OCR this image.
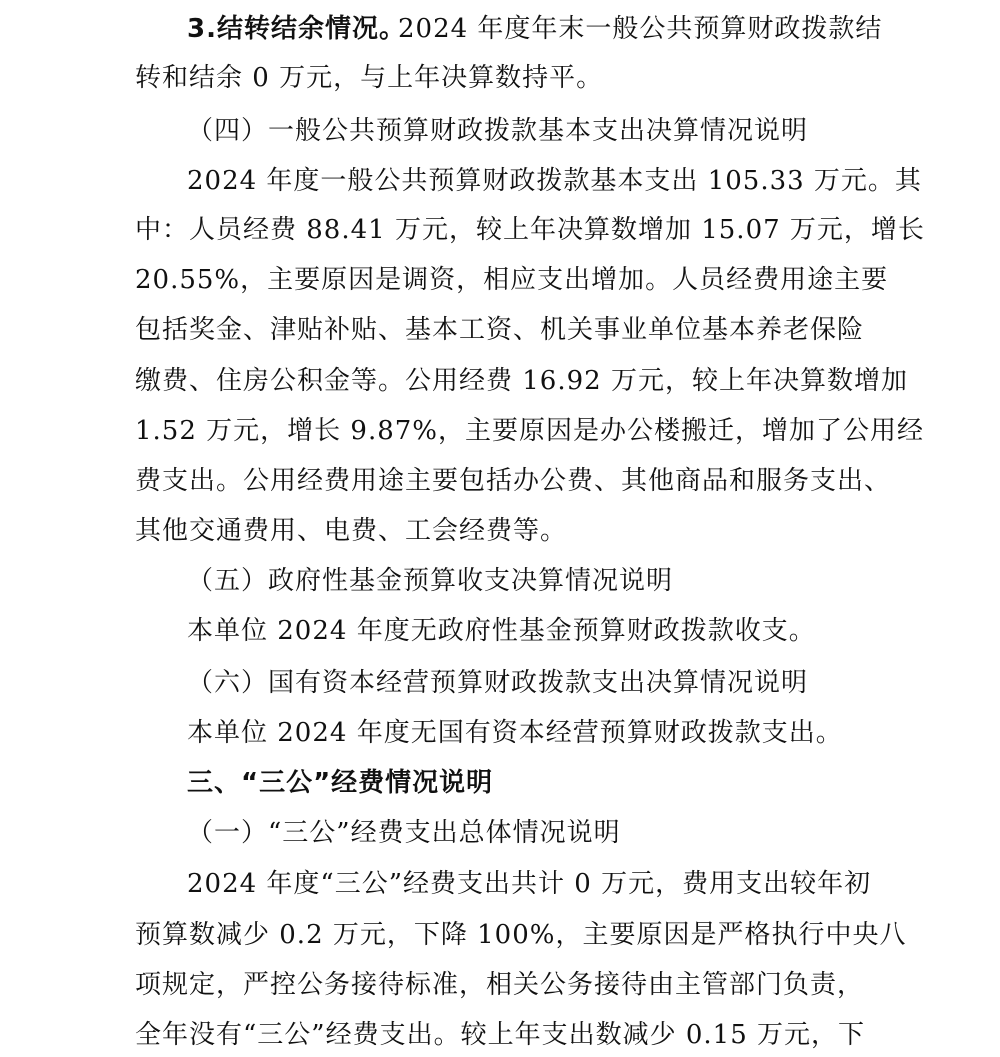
3.结转结余情况。
2024 年度年末一般公共预算财政拨款结
转和结余 0 万元，与上年决算数持平。
（四）一般公共预算财政拨款基本支出决算情况说明
2024 年度一般公共预算财政拨款基本支出 105.33 万元。其
中：人员经费 88.41 万元，较上年决算数增加 15.07 万元，增长
20.55%，主要原因是调资，相应支出增加。人员经费用途主要
包括奖金、津贴补贴、基本工资、机关事业单位基本养老保险
缴费、住房公积金等。公用经费 16.92 万元，较上年决算数增加
1.52 万元，增长 9.87%，主要原因是办公楼搬迁，增加了公用经
费支出。公用经费用途主要包括办公费、其他商品和服务支出、
其他交通费用、电费、工会经费等。
（五）政府性基金预算收支决算情况说明
本单位 2024 年度无政府性基金预算财政拨款收支。
（六）国有资本经营预算财政拨款支出决算情况说明
本单位 2024 年度无国有资本经营预算财政拨款支出。
三、“三公”经费情况说明
（一）“三公”经费支出总体情况说明
2024 年度“三公”经费支出共计 0 万元，费用支出较年初
预算数减少 0.2 万元，下降 100%，主要原因是严格执行中央八
项规定，严控公务接待标准，相关公务接待由主管部门负责，
全年没有“三公”经费支出。较上年支出数减少 0.15 万元，下
